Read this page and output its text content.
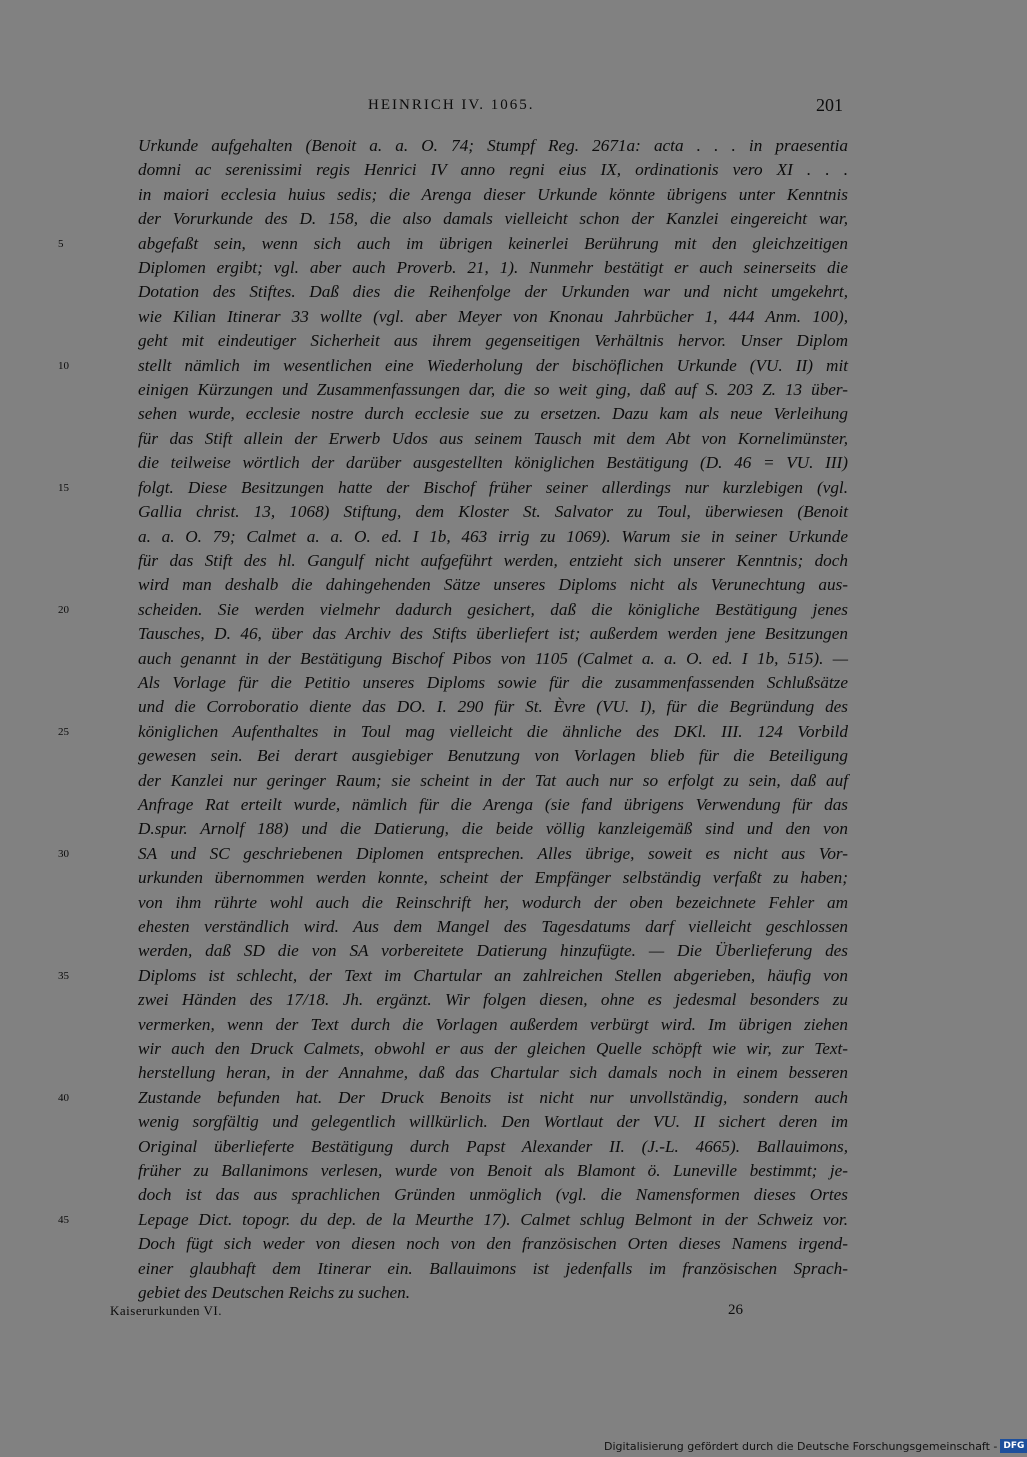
HEINRICH IV. 1065.	201
5
10
15
20
25
30
35
40
45
Urkunde aufgehalten (Benoit a. a. O. 74; Stumpf Reg. 2671a: acta . . . in praesentia
domni ac serenissimi regis Henrici IV anno regni eius IX, ordinationis vero XI . . .
in maiori ecclesia huius sedis; die Arenga dieser Urkunde könnte übrigens unter Kenntnis
der Vorurkunde des D. 158, die also damals vielleicht schon der Kanzlei eingereicht war,
abgefaßt sein, wenn sich auch im übrigen keinerlei Berührung mit den gleichzeitigen
Diplomen ergibt; vgl. aber auch Proverb. 21, 1). Nunmehr bestätigt er auch seinerseits die
Dotation des Stiftes. Daß dies die Reihenfolge der Urkunden war und nicht umgekehrt,
wie Kilian Itinerar 33 wollte (vgl. aber Meyer von Knonau Jahrbücher 1, 444 Anm. 100),
geht mit eindeutiger Sicherheit aus ihrem gegenseitigen Verhältnis hervor. Unser Diplom
stellt nämlich im wesentlichen eine Wiederholung der bischöflichen Urkunde (VU. II) mit
einigen Kürzungen und Zusammenfassungen dar, die so weit ging, daß auf S. 203 Z. 13 über-
sehen wurde, ecclesie nostre durch ecclesie sue zu ersetzen. Dazu kam als neue Verleihung
für das Stift allein der Erwerb Udos aus seinem Tausch mit dem Abt von Kornelimünster,
die teilweise wörtlich der darüber ausgestellten königlichen Bestätigung (D. 46 = VU. III)
folgt. Diese Besitzungen hatte der Bischof früher seiner allerdings nur kurzlebigen (vgl.
Gallia christ. 13, 1068) Stiftung, dem Kloster St. Salvator zu Toul, überwiesen (Benoit
a. a. O. 79; Calmet a. a. O. ed. I 1b, 463 irrig zu 1069). Warum sie in seiner Urkunde
für das Stift des hl. Gangulf nicht aufgeführt werden, entzieht sich unserer Kenntnis; doch
wird man deshalb die dahingehenden Sätze unseres Diploms nicht als Verunechtung aus-
scheiden. Sie werden vielmehr dadurch gesichert, daß die königliche Bestätigung jenes
Tausches, D. 46, über das Archiv des Stifts überliefert ist; außerdem werden jene Besitzungen
auch genannt in der Bestätigung Bischof Pibos von 1105 (Calmet a. a. O. ed. I 1b, 515). —
Als Vorlage für die Petitio unseres Diploms sowie für die zusammenfassenden Schlußsätze
und die Corroboratio diente das DO. I. 290 für St. Èvre (VU. I), für die Begründung des
königlichen Aufenthaltes in Toul mag vielleicht die ähnliche des DKl. III. 124 Vorbild
gewesen sein. Bei derart ausgiebiger Benutzung von Vorlagen blieb für die Beteiligung
der Kanzlei nur geringer Raum; sie scheint in der Tat auch nur so erfolgt zu sein, daß auf
Anfrage Rat erteilt wurde, nämlich für die Arenga (sie fand übrigens Verwendung für das
D.spur. Arnolf 188) und die Datierung, die beide völlig kanzleigemäß sind und den von
SA und SC geschriebenen Diplomen entsprechen. Alles übrige, soweit es nicht aus Vor-
urkunden übernommen werden konnte, scheint der Empfänger selbständig verfaßt zu haben;
von ihm rührte wohl auch die Reinschrift her, wodurch der oben bezeichnete Fehler am
ehesten verständlich wird. Aus dem Mangel des Tagesdatums darf vielleicht geschlossen
werden, daß SD die von SA vorbereitete Datierung hinzufügte. — Die Überlieferung des
Diploms ist schlecht, der Text im Chartular an zahlreichen Stellen abgerieben, häufig von
zwei Händen des 17/18. Jh. ergänzt. Wir folgen diesen, ohne es jedesmal besonders zu
vermerken, wenn der Text durch die Vorlagen außerdem verbürgt wird. Im übrigen ziehen
wir auch den Druck Calmets, obwohl er aus der gleichen Quelle schöpft wie wir, zur Text-
herstellung heran, in der Annahme, daß das Chartular sich damals noch in einem besseren
Zustande befunden hat. Der Druck Benoits ist nicht nur unvollständig, sondern auch
wenig sorgfältig und gelegentlich willkürlich. Den Wortlaut der VU. II sichert deren im
Original überlieferte Bestätigung durch Papst Alexander II. (J.-L. 4665). Ballauimons,
früher zu Ballanimons verlesen, wurde von Benoit als Blamont ö. Luneville bestimmt; je-
doch ist das aus sprachlichen Gründen unmöglich (vgl. die Namensformen dieses Ortes
Lepage Dict. topogr. du dep. de la Meurthe 17). Calmet schlug Belmont in der Schweiz vor.
Doch fügt sich weder von diesen noch von den französischen Orten dieses Namens irgend-
einer glaubhaft dem Itinerar ein. Ballauimons ist jedenfalls im französischen Sprach-
gebiet des Deutschen Reichs zu suchen.
Kaiserurkunden VI.	26
Digitalisierung gefördert durch die Deutsche Forschungsgemeinschaft - DFG
